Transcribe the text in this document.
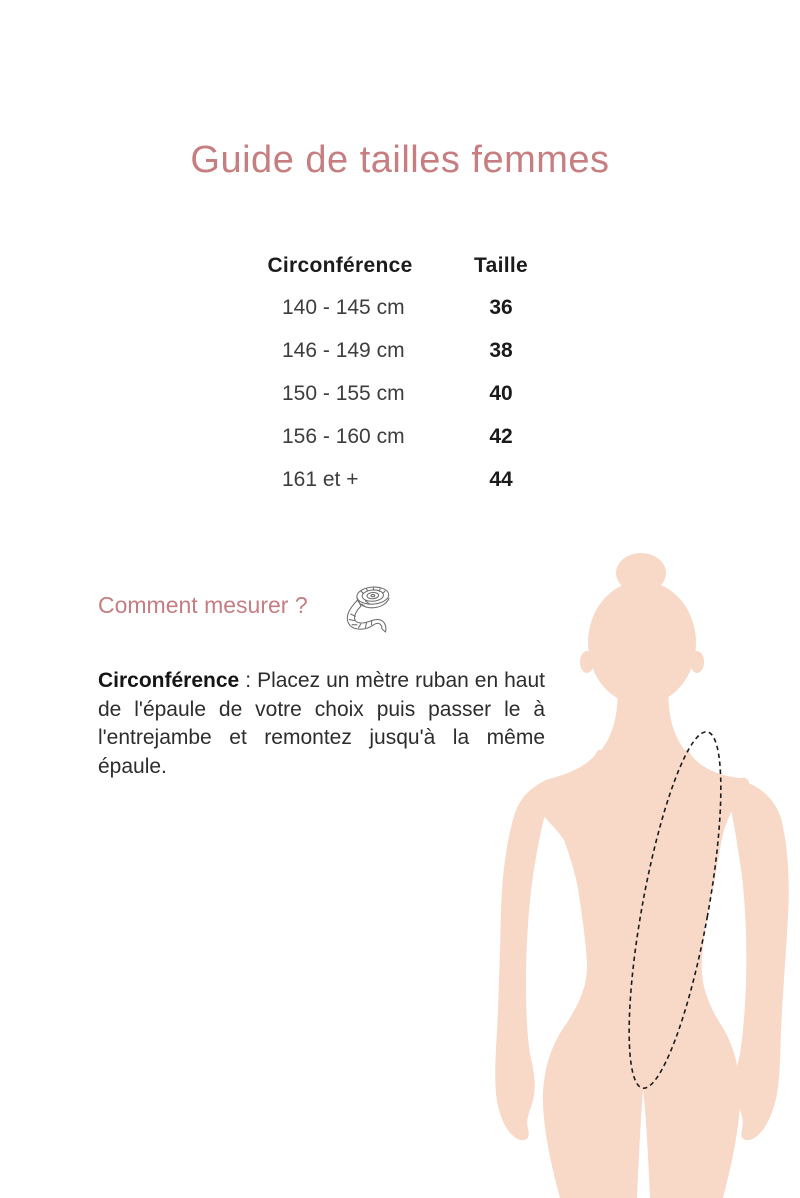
Guide de tailles femmes
Circonférence	Taille
140 - 145 cm	36
146 - 149 cm	38
150 - 155 cm	40
156 - 160 cm	42
161 et +	44
Comment mesurer ?

Circonférence : Placez un mètre ruban en haut de l'épaule de votre choix puis passer le à l'entrejambe et remontez jusqu'à la même épaule.
